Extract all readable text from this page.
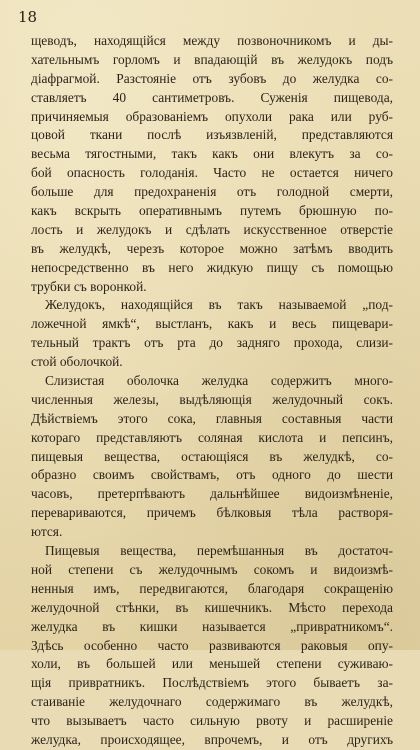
18
щеводъ, находящійся между позвоночникомъ и ды-
хательнымъ горломъ и впадающій въ желудокъ подъ
діафрагмой. Разстояніе отъ зубовъ до желудка со-
ставляетъ 40 сантиметровъ. Суженія пищевода,
причиняемыя образованіемъ опухоли рака или руб-
цовой ткани послѣ изъязвленій, представляются
весьма тягостными, такъ какъ они влекутъ за со-
бой опасность голоданія. Часто не остается ничего
больше для предохраненія отъ голодной смерти,
какъ вскрыть оперативнымъ путемъ брюшную по-
лость и желудокъ и сдѣлать искусственное отверстіе
въ желудкѣ, черезъ которое можно затѣмъ вводить
непосредственно въ него жидкую пищу съ помощью
трубки съ воронкой.
Желудокъ, находящійся въ такъ называемой „под-
ложечной ямкѣ“, выстланъ, какъ и весь пищевари-
тельный трактъ отъ рта до задняго прохода, слизи-
стой оболочкой.
Слизистая оболочка желудка содержитъ много-
численныя железы, выдѣляющія желудочный сокъ.
Дѣйствіемъ этого сока, главныя составныя части
котораго представляютъ соляная кислота и пепсинъ,
пищевыя вещества, остающіяся въ желудкѣ, со-
образно своимъ свойствамъ, отъ одного до шести
часовъ, претерпѣваютъ дальнѣйшее видоизмѣненіе,
перевариваются, причемъ бѣлковыя тѣла растворя-
ются.
Пищевыя вещества, перемѣшанныя въ достаточ-
ной степени съ желудочнымъ сокомъ и видоизмѣ-
ненныя имъ, передвигаются, благодаря сокращенію
желудочной стѣнки, въ кишечникъ. Мѣсто перехода
желудка въ кишки называется „привратникомъ“.
Здѣсь особенно часто развиваются раковыя опу-
холи, въ большей или меньшей степени суживаю-
щія привратникъ. Послѣдствіемъ этого бываетъ за-
стаиваніе желудочнаго содержимаго въ желудкѣ,
что вызываетъ часто сильную рвоту и расширеніе
желудка, происходящее, впрочемъ, и отъ другихъ
